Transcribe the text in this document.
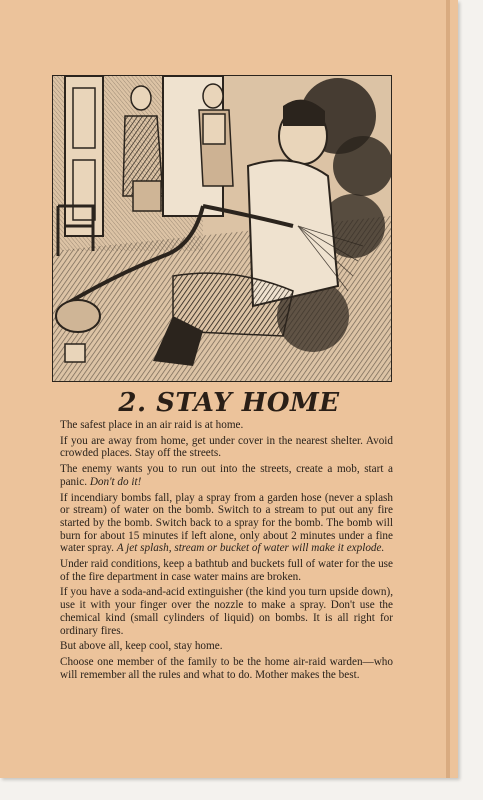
2. STAY HOME

The safest place in an air raid is at home.

If you are away from home, get under cover in the nearest shelter. Avoid crowded places. Stay off the streets.

The enemy wants you to run out into the streets, create a mob, start a panic. Don't do it!

If incendiary bombs fall, play a spray from a garden hose (never a splash or stream) of water on the bomb. Switch to a stream to put out any fire started by the bomb. Switch back to a spray for the bomb. The bomb will burn for about 15 minutes if left alone, only about 2 minutes under a fine water spray. A jet splash, stream or bucket of water will make it explode.

Under raid conditions, keep a bathtub and buckets full of water for the use of the fire department in case water mains are broken.

If you have a soda-and-acid extinguisher (the kind you turn upside down), use it with your finger over the nozzle to make a spray. Don't use the chemical kind (small cylinders of liquid) on bombs. It is all right for ordinary fires.

But above all, keep cool, stay home.

Choose one member of the family to be the home air-raid warden—who will remember all the rules and what to do. Mother makes the best.
